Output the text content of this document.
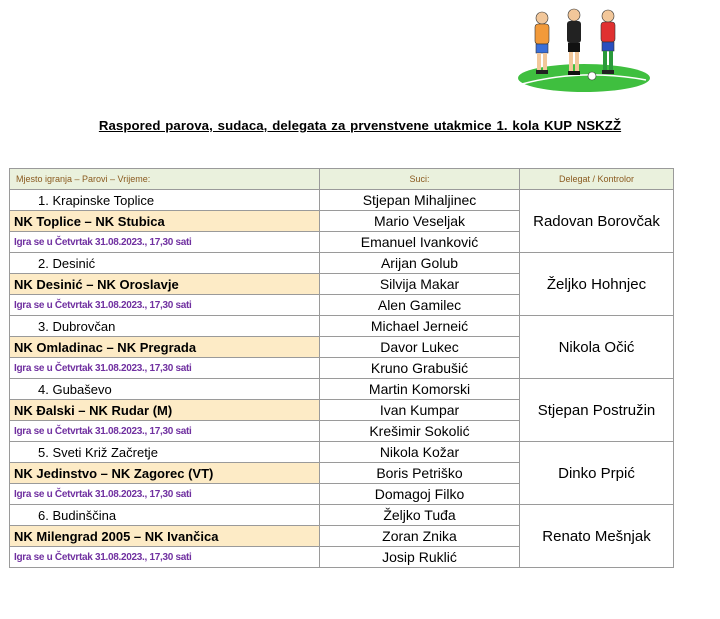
Raspored parova, sudaca, delegata za prvenstvene utakmice 1. kola KUP NSKZŽ
Mjesto igranja – Parovi – Vrijeme:	Suci:	Delegat / Kontrolor
1. Krapinske Toplice	Stjepan Mihaljinec	Radovan Borovčak
NK Toplice – NK Stubica	Mario Veseljak	
Igra se u Četvrtak 31.08.2023., 17,30 sati	Emanuel Ivanković	
2. Desinić	Arijan Golub	Željko Hohnjec
NK Desinić – NK Oroslavje	Silvija Makar	
Igra se u Četvrtak 31.08.2023., 17,30 sati	Alen Gamilec	
3. Dubrovčan	Michael Jerneić	Nikola Očić
NK Omladinac – NK Pregrada	Davor Lukec	
Igra se u Četvrtak 31.08.2023., 17,30 sati	Kruno Grabušić	
4. Gubaševo	Martin Komorski	Stjepan Postružin
NK Đalski – NK Rudar (M)	Ivan Kumpar	
Igra se u Četvrtak 31.08.2023., 17,30 sati	Krešimir Sokolić	
5. Sveti Križ Začretje	Nikola Kožar	Dinko Prpić
NK Jedinstvo – NK Zagorec (VT)	Boris Petriško	
Igra se u Četvrtak 31.08.2023., 17,30 sati	Domagoj Filko	
6. Budinščina	Željko Tuđa	Renato Mešnjak
NK Milengrad 2005 – NK Ivančica	Zoran Znika	
Igra se u Četvrtak 31.08.2023., 17,30 sati	Josip Ruklić	
